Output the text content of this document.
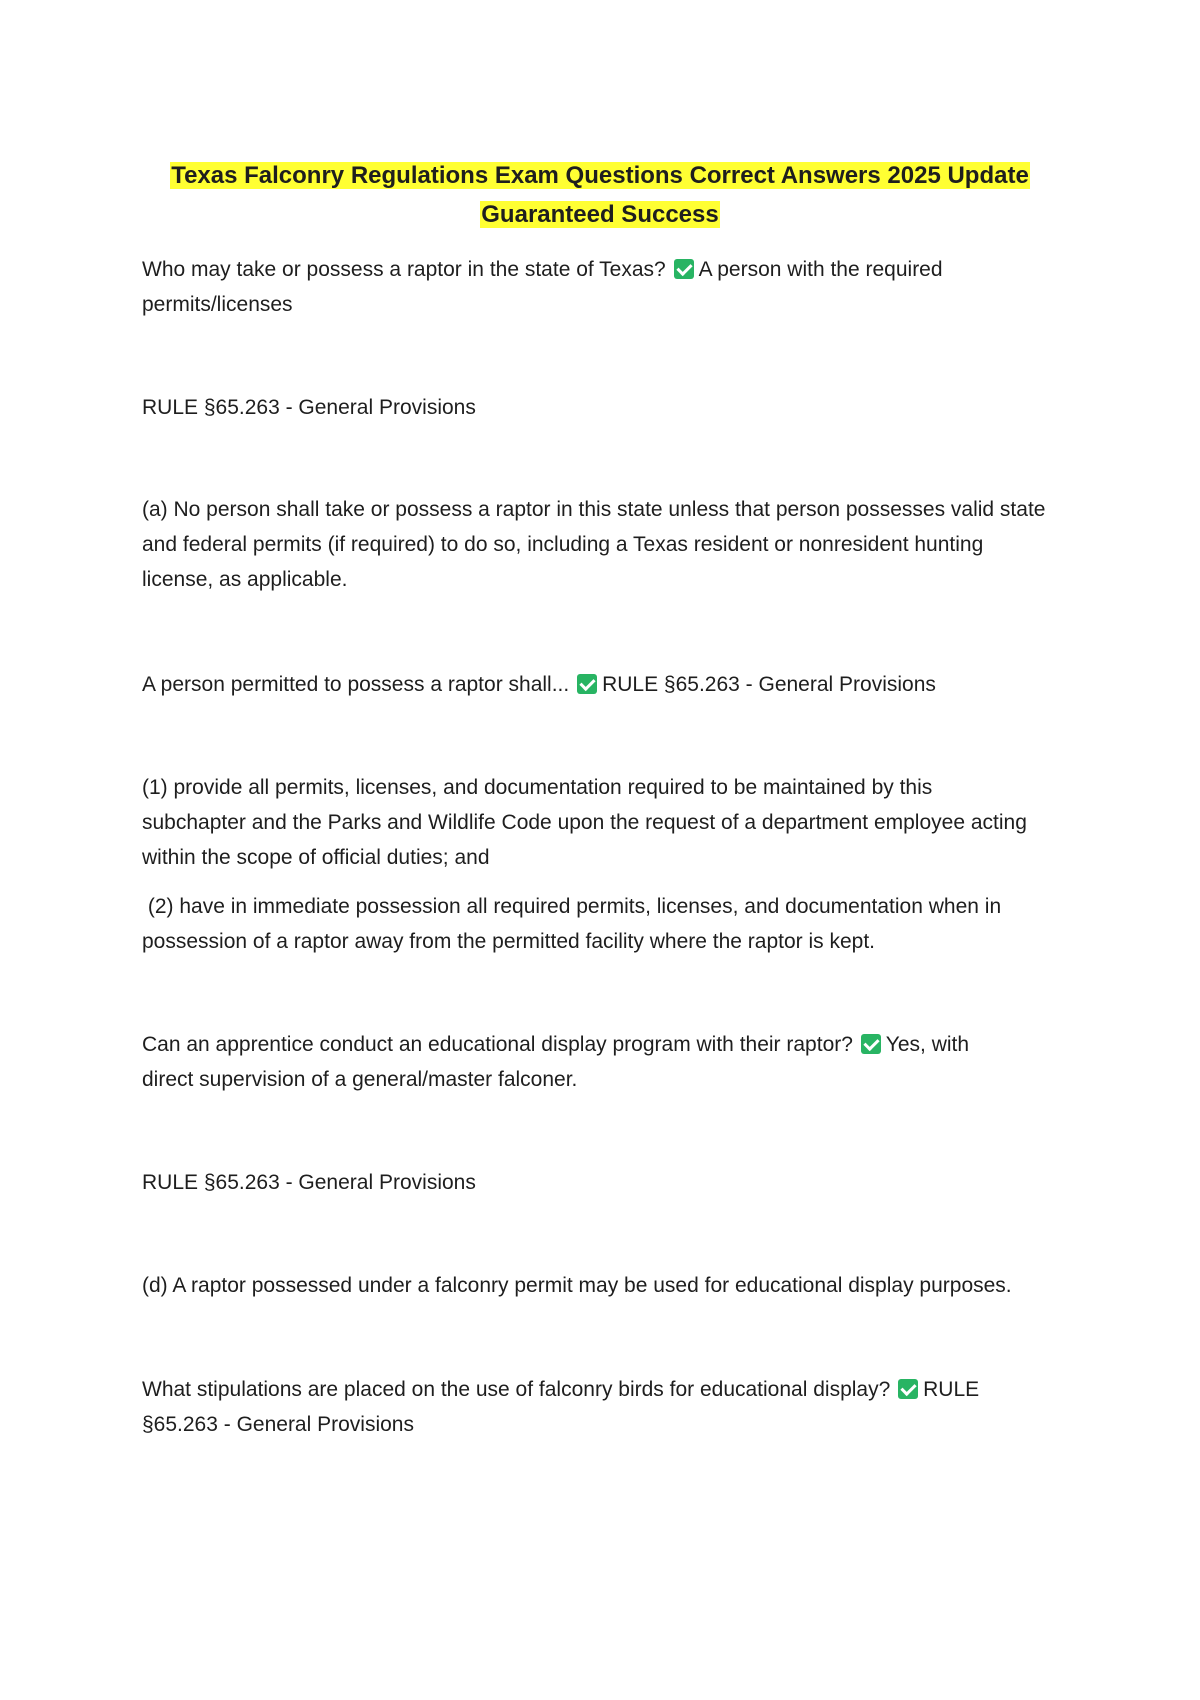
Texas Falconry Regulations Exam Questions Correct Answers 2025 Update
Guaranteed Success

Who may take or possess a raptor in the state of Texas? A person with the required
permits/licenses

RULE §65.263 - General Provisions

(a) No person shall take or possess a raptor in this state unless that person possesses valid state
and federal permits (if required) to do so, including a Texas resident or nonresident hunting
license, as applicable.

A person permitted to possess a raptor shall... RULE §65.263 - General Provisions

(1) provide all permits, licenses, and documentation required to be maintained by this
subchapter and the Parks and Wildlife Code upon the request of a department employee acting
within the scope of official duties; and

(2) have in immediate possession all required permits, licenses, and documentation when in
possession of a raptor away from the permitted facility where the raptor is kept.

Can an apprentice conduct an educational display program with their raptor? Yes, with
direct supervision of a general/master falconer.

RULE §65.263 - General Provisions

(d) A raptor possessed under a falconry permit may be used for educational display purposes.

What stipulations are placed on the use of falconry birds for educational display? RULE
§65.263 - General Provisions
